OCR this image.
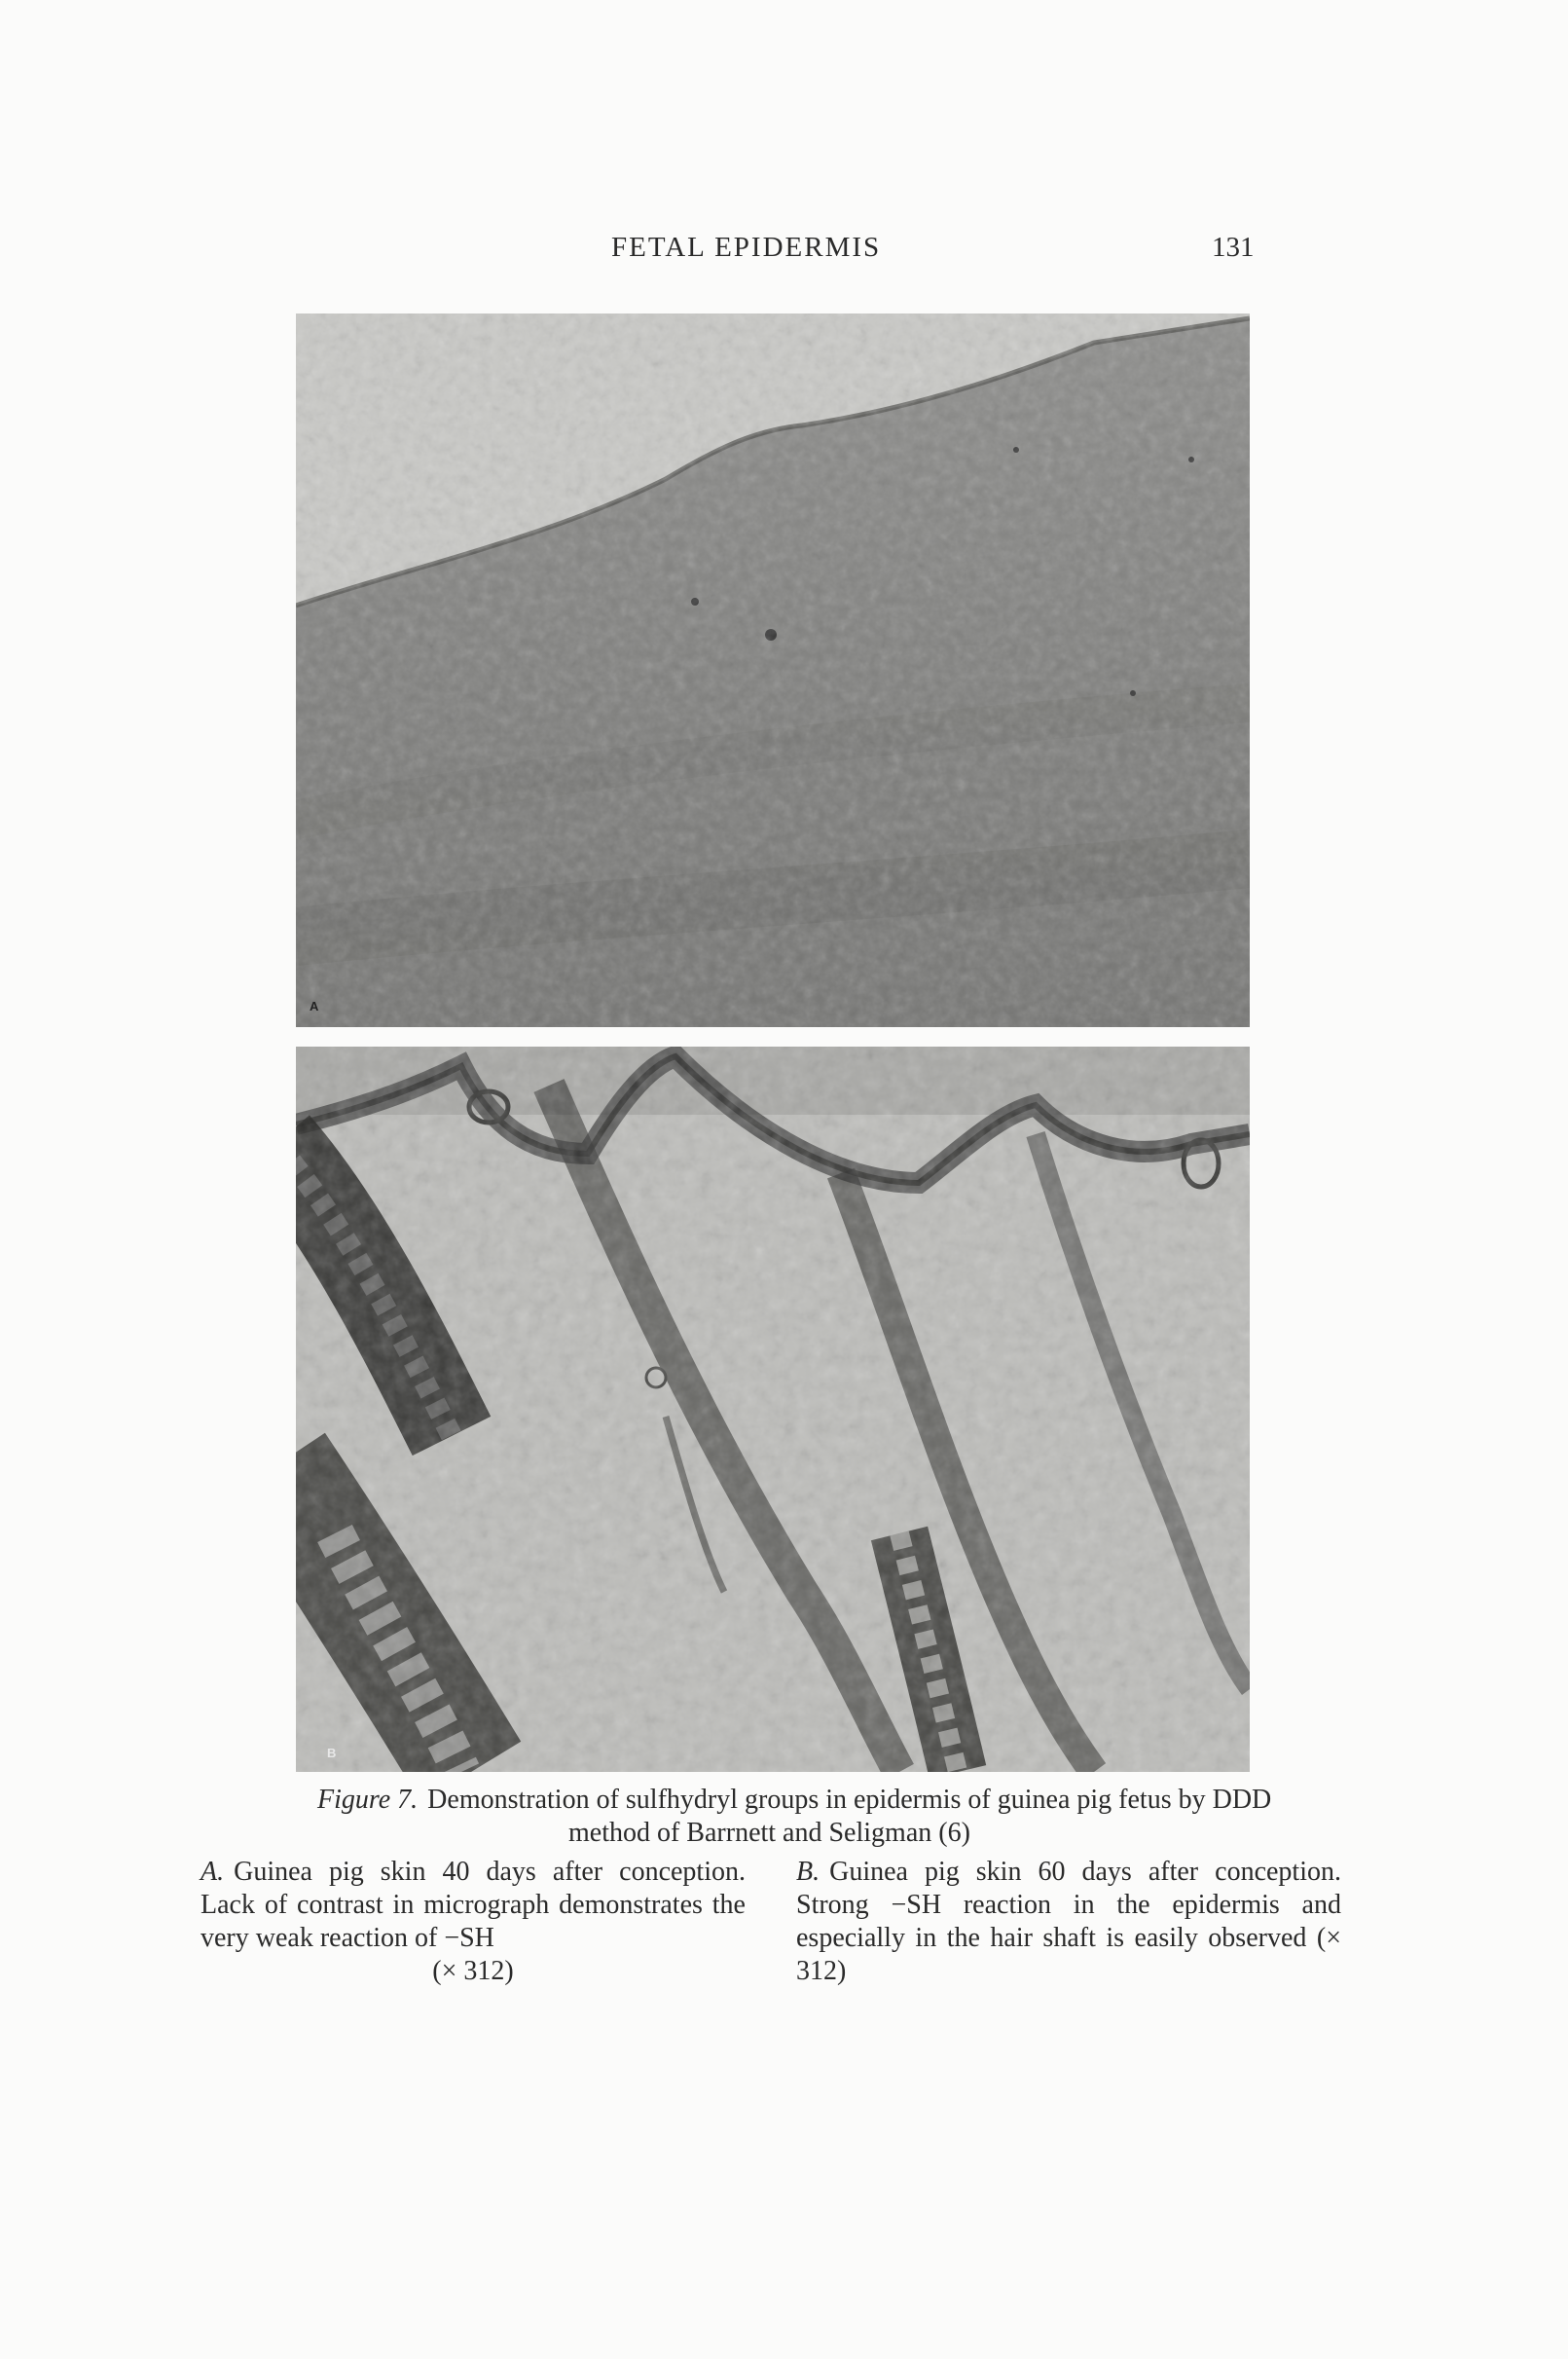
FETAL EPIDERMIS	131
A
B
Figure 7. Demonstration of sulfhydryl groups in epidermis of guinea pig fetus by DDD
method of Barrnett and Seligman (6)
A. Guinea pig skin 40 days after conception. Lack of contrast in micrograph demonstrates the very weak reaction of −SH
(× 312)
B. Guinea pig skin 60 days after conception. Strong −SH reaction in the epidermis and especially in the hair shaft is easily observed (× 312)
